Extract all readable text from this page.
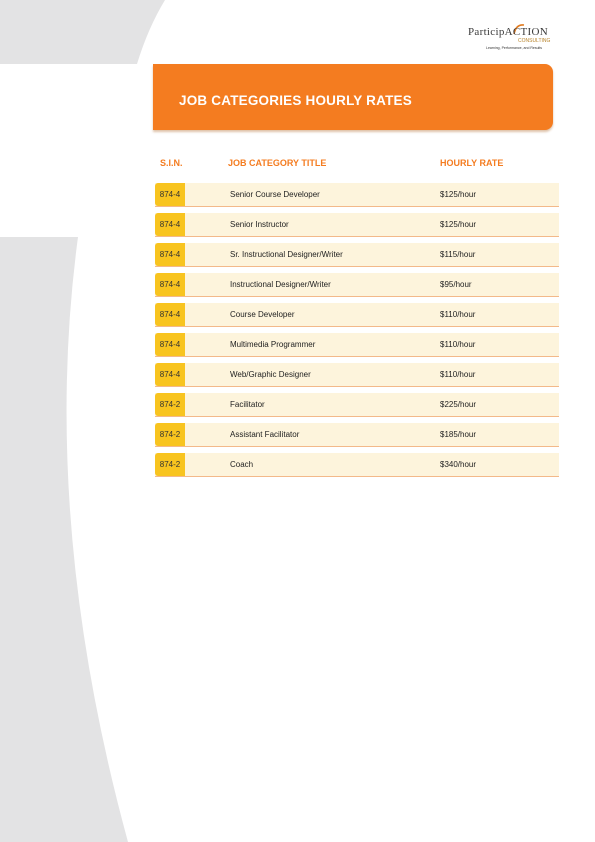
ParticipACTION
CONSULTING
Learning, Performance, and Results
JOB CATEGORIES HOURLY RATES
S.I.N.	JOB CATEGORY TITLE	HOURLY RATE
874-4	Senior Course Developer	$125/hour
874-4	Senior Instructor	$125/hour
874-4	Sr. Instructional Designer/Writer	$115/hour
874-4	Instructional Designer/Writer	$95/hour
874-4	Course Developer	$110/hour
874-4	Multimedia Programmer	$110/hour
874-4	Web/Graphic Designer	$110/hour
874-2	Facilitator	$225/hour
874-2	Assistant Facilitator	$185/hour
874-2	Coach	$340/hour
